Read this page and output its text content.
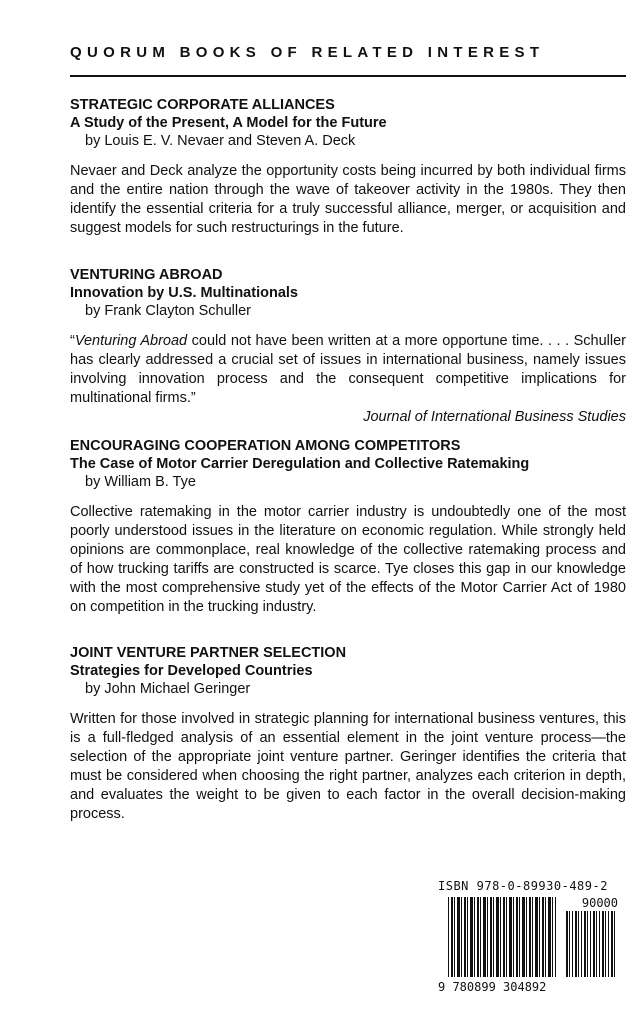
QUORUM BOOKS OF RELATED INTEREST
STRATEGIC CORPORATE ALLIANCES
A Study of the Present, A Model for the Future
by Louis E. V. Nevaer and Steven A. Deck
Nevaer and Deck analyze the opportunity costs being incurred by both individual firms and the entire nation through the wave of takeover activity in the 1980s. They then identify the essential criteria for a truly successful alliance, merger, or acquisition and suggest models for such restructurings in the future.
VENTURING ABROAD
Innovation by U.S. Multinationals
by Frank Clayton Schuller
“Venturing Abroad could not have been written at a more opportune time. . . . Schuller has clearly addressed a crucial set of issues in international business, namely issues involving innovation process and the consequent competitive implications for multinational firms.”
Journal of International Business Studies
ENCOURAGING COOPERATION AMONG COMPETITORS
The Case of Motor Carrier Deregulation and Collective Ratemaking
by William B. Tye
Collective ratemaking in the motor carrier industry is undoubtedly one of the most poorly understood issues in the literature on economic regulation. While strongly held opinions are commonplace, real knowledge of the collective ratemaking process and of how trucking tariffs are constructed is scarce. Tye closes this gap in our knowledge with the most comprehensive study yet of the effects of the Motor Carrier Act of 1980 on competition in the trucking industry.
JOINT VENTURE PARTNER SELECTION
Strategies for Developed Countries
by John Michael Geringer
Written for those involved in strategic planning for international business ventures, this is a full-fledged analysis of an essential element in the joint venture process—the selection of the appropriate joint venture partner. Geringer identifies the criteria that must be considered when choosing the right partner, analyzes each criterion in depth, and evaluates the weight to be given to each factor in the overall decision-making process.
ISBN 978-0-89930-489-2
90000
9 780899 304892
